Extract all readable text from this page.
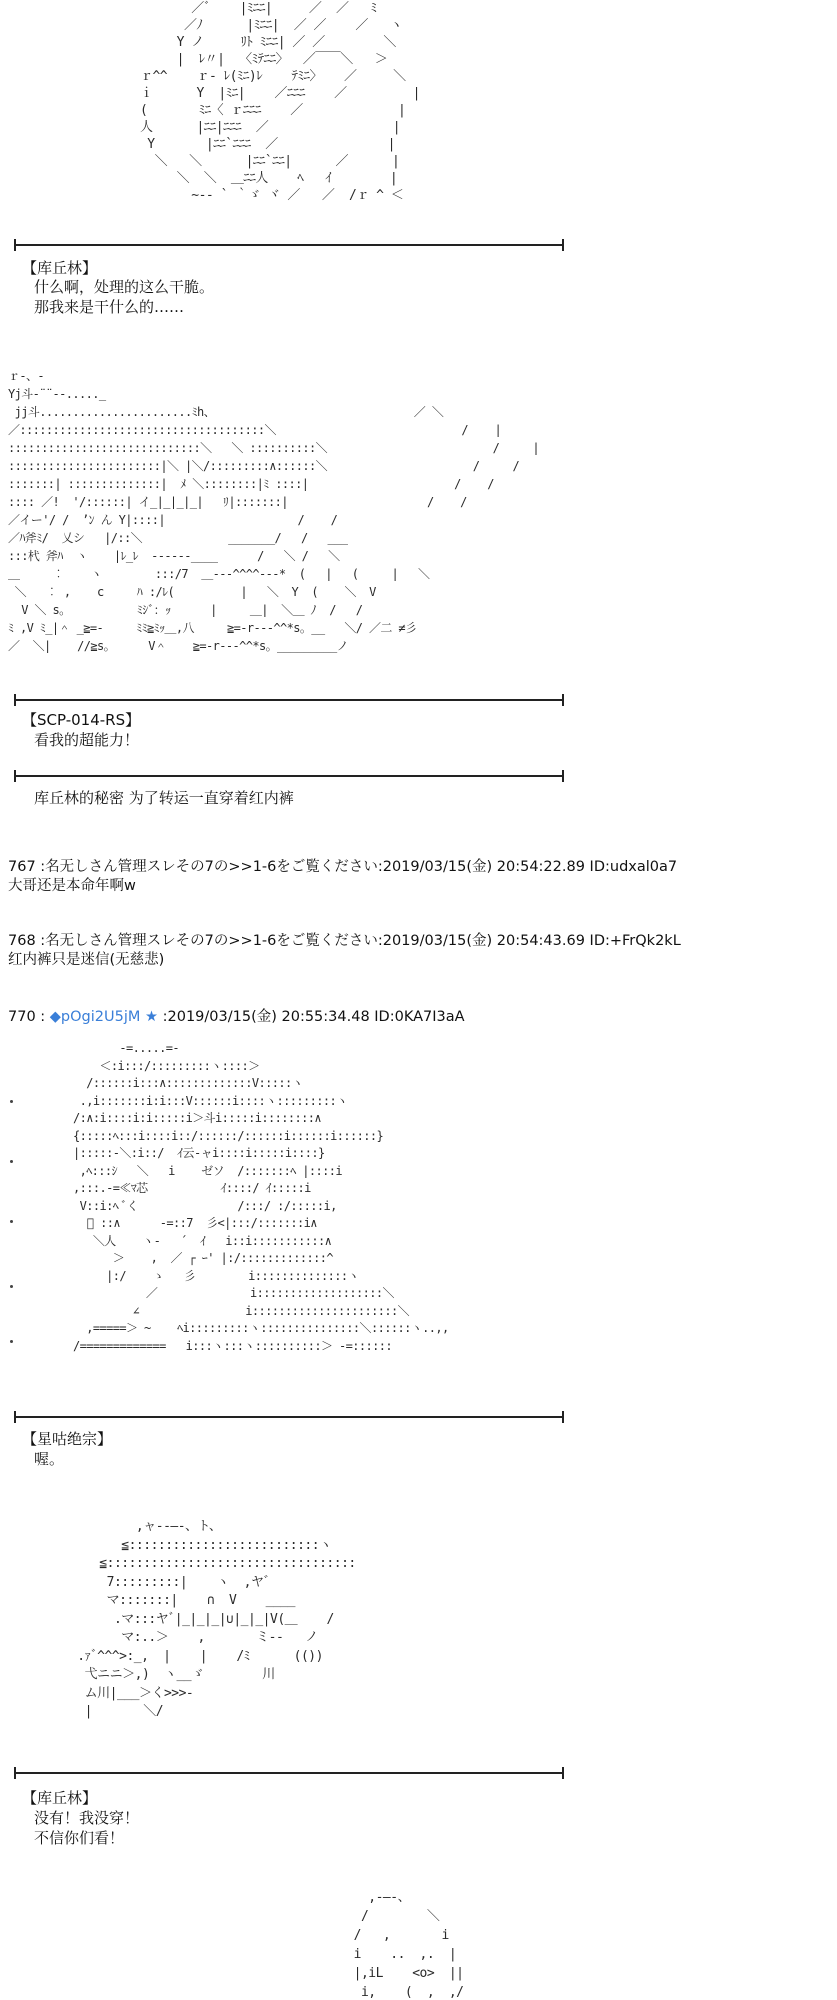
／ﾞ    |ﾐﾆﾆ|     ／  ／   ﾐ
／ﾉ      |ﾐﾆﾆ|  ／ ／    ／   ヽ
Y ノ     ﾘﾄ ﾐﾆﾆ| ／ ／        ＼
|  ﾚ〃|  〈ﾐﾃﾆﾆ〉  ／￣￣＼   ＞
ｒ^^    ｒ- ﾚ(ﾐﾆ)ﾚ    ﾃﾐﾆ〉   ／     ＼
ｉ      Y  |ﾐﾆ|    ／ﾆﾆﾆ    ／         |
(       ﾐﾆ〈 ｒﾆﾆﾆ    ／             |
人      |ﾆﾆ|ﾆﾆﾆ  ／                 |
Y       |ﾆﾆ`ﾆﾆﾆ  ／               |
＼   ＼      |ﾆﾆ`ﾆﾆ|      ／      |
＼  ＼  ＿ﾆﾆ人    ﾍ   ｲ        |
~-- ` ｀ゞ ヾ ／   ／  /ｒ ^ ＜
【库丘林】
什么啊，处理的这么干脆。
那我来是干什么的……
ｒ-、-
Yj斗-¨¨--....._
jj斗.......................ﾐh、                              ／ ＼
／:::::::::::::::::::::::::::::::::::::＼                            /    |
:::::::::::::::::::::::::::::＼   ＼ ::::::::::＼                         /     |
:::::::::::::::::::::::|＼ |＼/:::::::::∧::::::＼                      /     /
:::::::| ::::::::::::::|  ﾒ ＼::::::::|ﾐ ::::|                      /    /
:::: ／!  '/::::::| イ_|_|_|_|   ﾘ|:::::::|                     /    /
／イー'/ /  ’ﾝ ん Y|::::|                    /    /
／ﾊ斧ﾐ/  乂シ   |/::＼             _______/   /   ___
:::杙 斧ﾊ  ヽ    |ﾚ_ﾚ  ------____      /   ＼ /   ＼
＿     ︰    ヽ        :::/7  ＿---^^^^---*  (   |   (     |   ＼
＼   ︰ ,    c     ﾊ :/ﾚ(          |   ＼  Y  (    ＼  V
V ＼ s。          ﾐｼﾞ：ｯ      |     ＿|  ＼＿ ﾉ  /   /
ﾐ ,V ﾐ_|＾ _≧=-     ﾐﾐ≧ﾐｯ＿,八     ≧=-r---^^*s。__   ＼/ ／二 ≠彡
／  ＼|    //≧s。     V＾    ≧=-r---^^*s。_________ノ
【SCP-014-RS】
看我的超能力！
库丘林的秘密 为了转运一直穿着红内裤
767 :名无しさん管理スレその7の>>1-6をご覧ください:2019/03/15(金) 20:54:22.89 ID:udxal0a7
大哥还是本命年啊w
768 :名无しさん管理スレその7の>>1-6をご覧ください:2019/03/15(金) 20:54:43.69 ID:+FrQk2kL
红内裤只是迷信(无慈悲)
770 : ◆pOgi2U5jM ★ :2019/03/15(金) 20:55:34.48 ID:0KA7I3aA
-=.....=-
＜:i:::/:::::::::ヽ::::＞
/::::::i:::∧:::::::::::::V:::::ヽ
.,i:::::::i:i:::V::::::i::::ヽ:::::::::ヽ
/:∧:i::::i:i:::::i＞斗i:::::i::::::::∧
{:::::ﾍ:::i::::i::/::::::/::::::i::::::i::::::}
|:::::-＼:i::/  ｲ云-ャi::::i:::::i::::}
,ﾍ:::ｼ   ＼   i    ゼソ  /:::::::ﾍ |::::i
,:::.-=≪ﾏ芯           ｲ::::/ ｲ:::::i
V::i:ﾍ ﾞく               /:::/ :/:::::i,
ﾞ ::∧      -=::7  彡<|:::/:::::::i∧
＼人    ヽ-   ´  ｲ   i::i:::::::::::∧
＞    ,  ／ ┌ ｰ' |:/:::::::::::::^
|:/    ゝ   彡        i::::::::::::::ヽ
／              i:::::::::::::::::::＼
∠                i::::::::::::::::::::::＼
,=====＞ ~    ﾍi:::::::::ヽ:::::::::::::::＼::::::ヽ..,,
/=============   i:::ヽ:::ヽ::::::::::＞ -=::::::
【星咕绝宗】
喔。
,ャ--―-、ト、
≦::::::::::::::::::::::::::ヽ
≦::::::::::::::::::::::::::::::::::
7:::::::::|    ヽ  ,ヤ゛
マ:::::::|    ∩  V    ____
.マ:::ヤﾞ|_|_|_|∪|_|_|V(＿    /
マ:..＞    ,       ミ--   ノ
.ｧﾞ^^^>:_,  |    |    /ﾐ      (())
弋ニニ＞,)  ヽ__ゞ        川
ム川|___＞く>>>-
|       ＼/
【库丘林】
没有！我没穿！
不信你们看！
,-―-、
/        ＼
/   ,       i
i    ..  ,.  |
|,iL    <o>  ||
i,    (  ,  ,/
